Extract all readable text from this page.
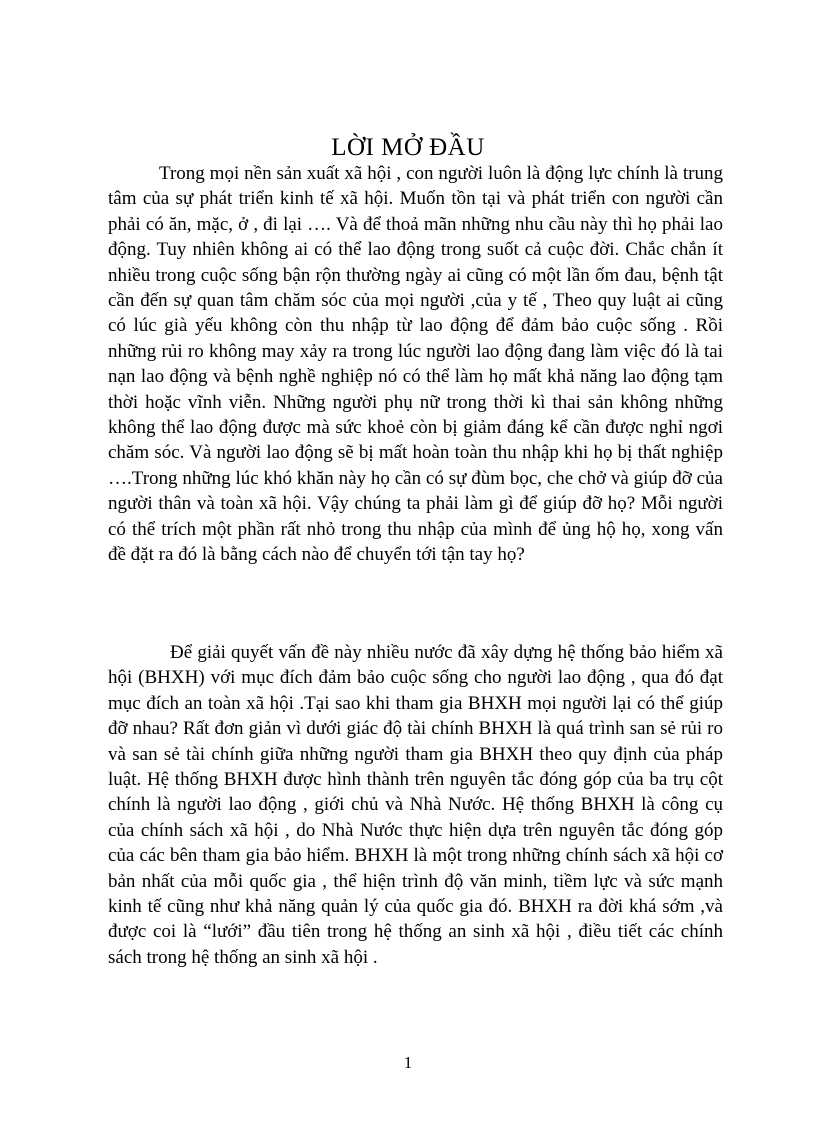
LỜI MỞ ĐẦU

Trong mọi nền sản xuất xã hội , con người luôn là động lực chính là trung tâm của sự phát triển kinh tế xã hội. Muốn tồn tại và phát triển con người cần phải có ăn, mặc, ở , đi lại …. Và để thoả mãn những nhu cầu này thì họ phải lao động. Tuy nhiên không ai có thể lao động trong suốt cả cuộc đời. Chắc chắn ít nhiều trong cuộc sống bận rộn thường ngày ai cũng có một lần ốm đau, bệnh tật cần đến sự quan tâm chăm sóc của mọi người ,của y tế , Theo quy luật ai cũng có lúc già yếu không còn thu nhập từ lao động để đảm bảo cuộc sống . Rồi những rủi ro không may xảy ra trong lúc người lao động đang làm việc đó là tai nạn lao động và bệnh nghề nghiệp nó có thể làm họ mất khả năng lao động tạm thời hoặc vĩnh viễn. Những người phụ nữ trong thời kì thai sản không những không thể lao động được mà sức khoẻ còn bị giảm đáng kể cần được nghỉ ngơi chăm sóc. Và người lao động sẽ bị mất hoàn toàn thu nhập khi họ bị thất nghiệp ….Trong những lúc khó khăn này họ cần có sự đùm bọc, che chở và giúp đỡ của người thân và toàn xã hội. Vậy chúng ta phải làm gì để giúp đỡ họ? Mỗi người có thể trích một phần rất nhỏ trong thu nhập của mình để ủng hộ họ, xong vấn đề đặt ra đó là bằng cách nào để chuyển tới tận tay họ?

Để giải quyết vấn đề này nhiều nước đã xây dựng hệ thống bảo hiểm xã hội (BHXH) với mục đích đảm bảo cuộc sống cho người lao động , qua đó đạt mục đích an toàn xã hội .Tại sao khi tham gia BHXH mọi người lại có thể giúp đỡ nhau? Rất đơn giản vì dưới giác độ tài chính BHXH là quá trình san sẻ rủi ro và san sẻ tài chính giữa những người tham gia BHXH theo quy định của pháp luật. Hệ thống BHXH được hình thành trên nguyên tắc đóng góp của ba trụ cột chính là người lao động , giới chủ và Nhà Nước. Hệ thống BHXH là công cụ của chính sách xã hội , do Nhà Nước thực hiện dựa trên nguyên tắc đóng góp của các bên tham gia bảo hiểm. BHXH là một trong những chính sách xã hội cơ bản nhất của mỗi quốc gia , thể hiện trình độ văn minh, tiềm lực và sức mạnh kinh tế cũng như khả năng quản lý của quốc gia đó. BHXH ra đời khá sớm ,và được coi là “lưới” đầu tiên trong hệ thống an sinh xã hội , điều tiết các chính sách trong hệ thống an sinh xã hội .

1
